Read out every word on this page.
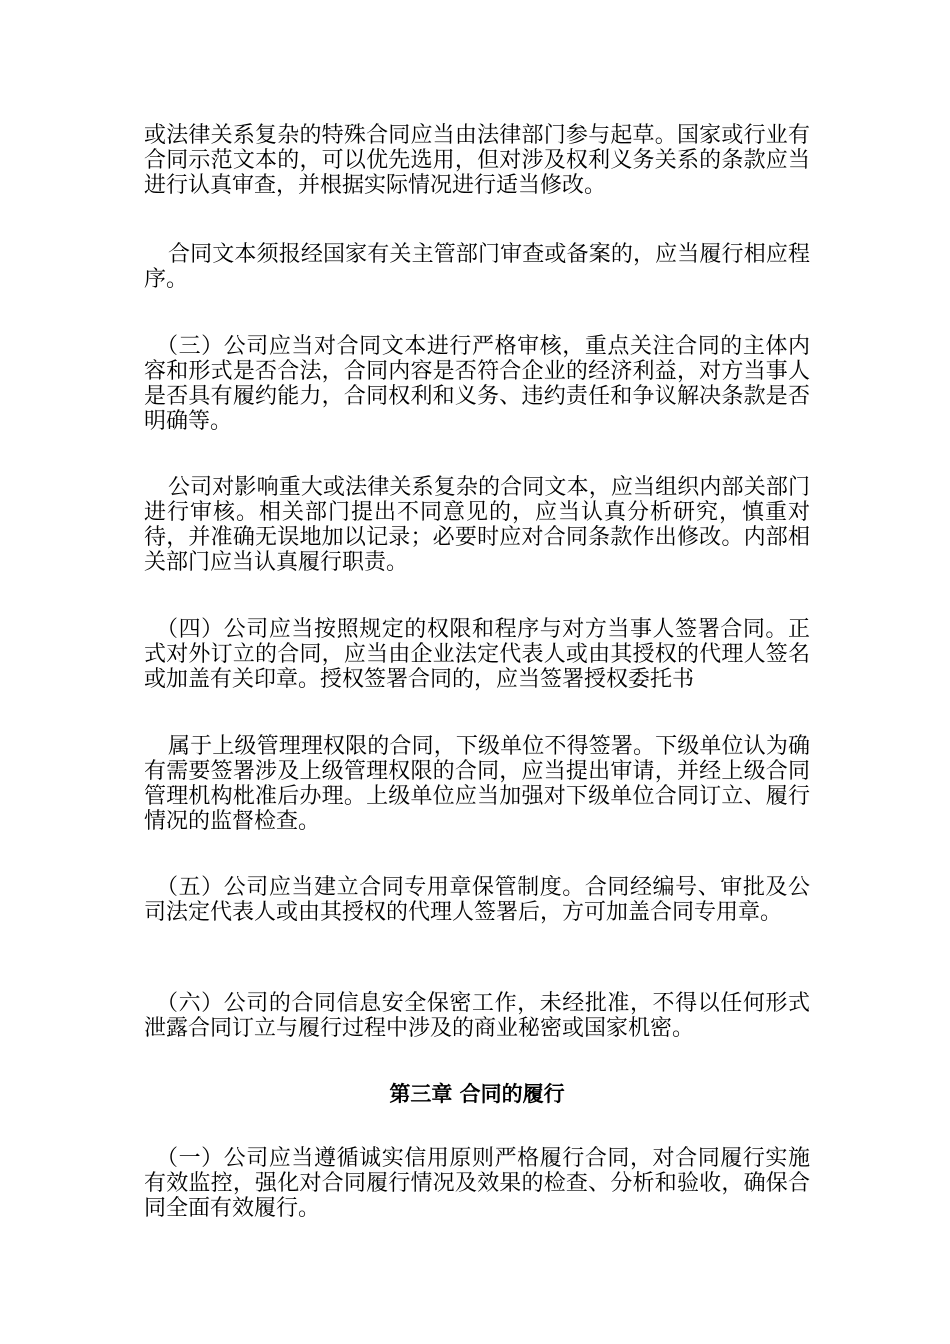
或法律关系复杂的特殊合同应当由法律部门参与起草。国家或行业有合同示范文本的，可以优先选用，但对涉及权利义务关系的条款应当进行认真审查，并根据实际情况进行适当修改。

合同文本须报经国家有关主管部门审查或备案的，应当履行相应程序。

（三）公司应当对合同文本进行严格审核，重点关注合同的主体内容和形式是否合法，合同内容是否符合企业的经济利益，对方当事人是否具有履约能力，合同权利和义务、违约责任和争议解决条款是否明确等。

公司对影响重大或法律关系复杂的合同文本，应当组织内部关部门进行审核。相关部门提出不同意见的，应当认真分析研究，慎重对待，并准确无误地加以记录；必要时应对合同条款作出修改。内部相关部门应当认真履行职责。

（四）公司应当按照规定的权限和程序与对方当事人签署合同。正式对外订立的合同，应当由企业法定代表人或由其授权的代理人签名或加盖有关印章。授权签署合同的，应当签署授权委托书

属于上级管理理权限的合同，下级单位不得签署。下级单位认为确有需要签署涉及上级管理权限的合同，应当提出审请，并经上级合同管理机构枇准后办理。上级单位应当加强对下级单位合同订立、履行情况的监督检查。

（五）公司应当建立合同专用章保管制度。合同经编号、审批及公司法定代表人或由其授权的代理人签署后，方可加盖合同专用章。

（六）公司的合同信息安全保密工作，未经批准，不得以任何形式泄露合同订立与履行过程中涉及的商业秘密或国家机密。

第三章 合同的履行

（一）公司应当遵循诚实信用原则严格履行合同，对合同履行实施有效监控，强化对合同履行情况及效果的检查、分析和验收，确保合同全面有效履行。
